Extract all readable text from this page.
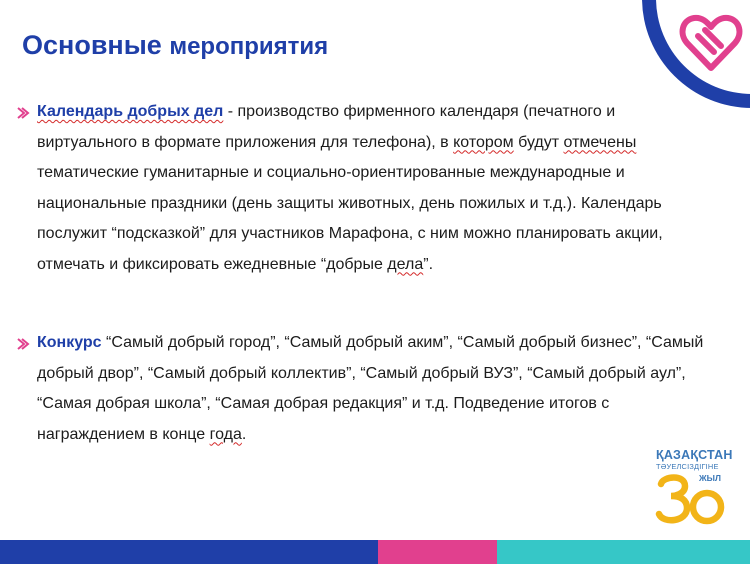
Основные мероприятия

Календарь добрых дел - производство фирменного календаря (печатного и виртуального в формате приложения для телефона), в котором будут отмечены тематические гуманитарные и социально-ориентированные международные и национальные праздники (день защиты животных, день пожилых и т.д.). Календарь послужит “подсказкой” для участников Марафона, с ним можно планировать акции, отмечать и фиксировать ежедневные “добрые дела”.

Конкурс “Самый добрый город”, “Самый добрый аким”, “Самый добрый бизнес”, “Самый добрый двор”, “Самый добрый коллектив”, “Самый добрый ВУЗ”, “Самый добрый аул”, “Самая добрая школа”, “Самая добрая редакция” и т.д. Подведение итогов с награждением в конце года.

ҚАЗАҚСТАН
ТӘУЕЛСІЗДІГІНЕ
ЖЫЛ
